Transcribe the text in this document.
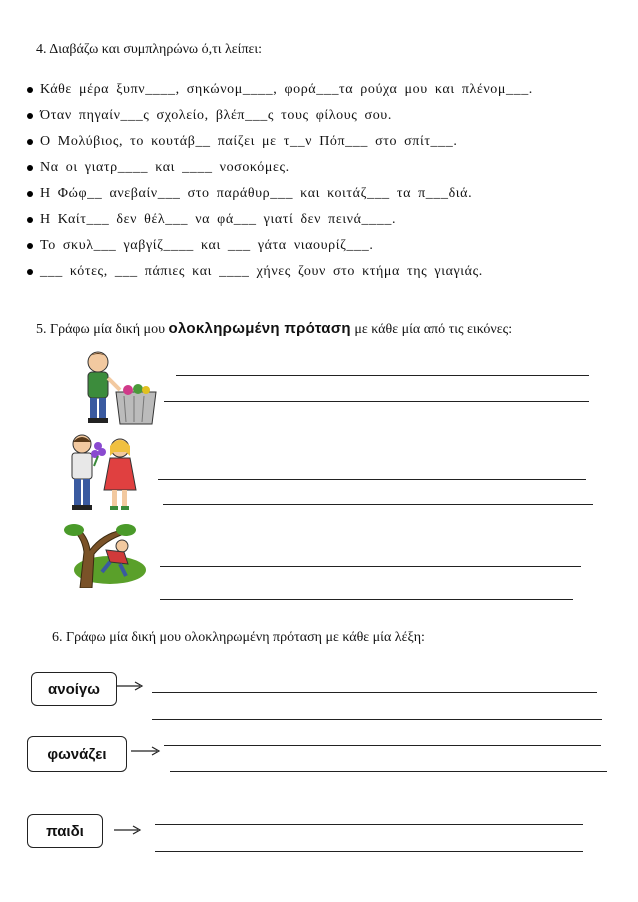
4. Διαβάζω και συμπληρώνω ό,τι λείπει:
Κάθε μέρα ξυπν____, σηκώνομ____, φορά___τα ρούχα μου και πλένομ___.
Όταν πηγαίν___ς σχολείο, βλέπ___ς τους φίλους σου.
Ο Μολύβιος, το κουτάβ__ παίζει με τ__ν Πόπ___ στο σπίτ___.
Να οι γιατρ____ και ____ νοσοκόμες.
Η Φώφ__ ανεβαίν___ στο παράθυρ___ και κοιτάζ___ τα π___διά.
Η Καίτ___ δεν θέλ___ να φά___ γιατί δεν πεινά____.
Το σκυλ___ γαβγίζ____ και ___ γάτα νιαουρίζ___.
___ κότες, ___ πάπιες και ____ χήνες ζουν στο κτήμα της γιαγιάς.
5. Γράφω μία δική μου ολοκληρωμένη πρόταση με κάθε μία από τις εικόνες:
6. Γράφω μία δική μου ολοκληρωμένη πρόταση με κάθε μία λέξη:
ανοίγω
φωνάζει
παιδι
